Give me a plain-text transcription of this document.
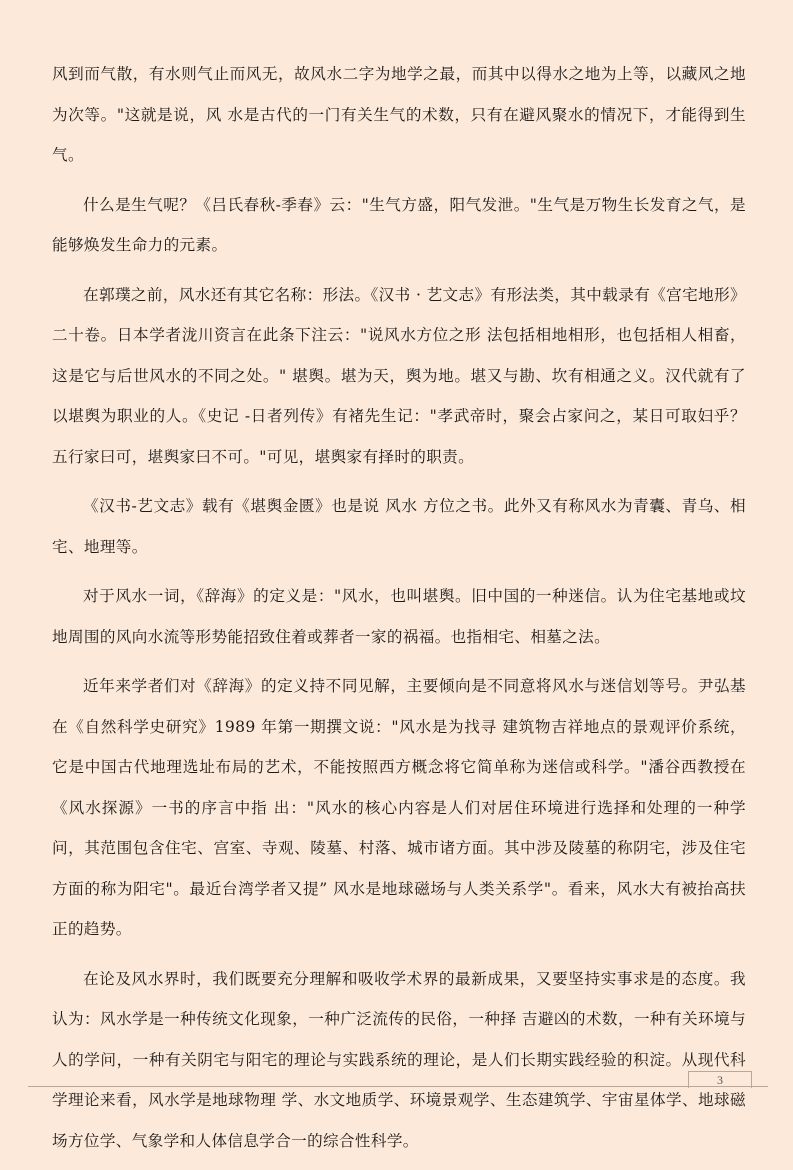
风到而气散，有水则气止而风无，故风水二字为地学之最，而其中以得水之地为上等，以藏风之地为次等。"这就是说，风 水是古代的一门有关生气的术数，只有在避风聚水的情况下，才能得到生气。

什么是生气呢？《吕氏春秋-季春》云："生气方盛，阳气发泄。"生气是万物生长发育之气，是能够焕发生命力的元素。

在郭璞之前，风水还有其它名称：形法。《汉书 · 艺文志》有形法类，其中载录有《宫宅地形》二十卷。日本学者泷川资言在此条下注云："说风水方位之形 法包括相地相形，也包括相人相畜，这是它与后世风水的不同之处。" 堪舆。堪为天，舆为地。堪又与勘、坎有相通之义。汉代就有了以堪舆为职业的人。《史记 -日者列传》有褚先生记："孝武帝时，聚会占家问之，某日可取妇乎？五行家曰可，堪舆家曰不可。"可见，堪舆家有择时的职责。

《汉书-艺文志》载有《堪舆金匮》也是说 风水 方位之书。此外又有称风水为青囊、青乌、相宅、地理等。

对于风水一词，《辞海》的定义是："风水，也叫堪舆。旧中国的一种迷信。认为住宅基地或坟地周围的风向水流等形势能招致住着或葬者一家的祸福。也指相宅、相墓之法。

近年来学者们对《辞海》的定义持不同见解，主要倾向是不同意将风水与迷信划等号。尹弘基在《自然科学史研究》1989 年第一期撰文说："风水是为找寻 建筑物吉祥地点的景观评价系统，它是中国古代地理选址布局的艺术，不能按照西方概念将它简单称为迷信或科学。"潘谷西教授在《风水探源》一书的序言中指 出："风水的核心内容是人们对居住环境进行选择和处理的一种学问，其范围包含住宅、宫室、寺观、陵墓、村落、城市诸方面。其中涉及陵墓的称阴宅，涉及住宅 方面的称为阳宅"。最近台湾学者又提” 风水是地球磁场与人类关系学"。看来，风水大有被抬高扶正的趋势。

在论及风水界时，我们既要充分理解和吸收学术界的最新成果，又要坚持实事求是的态度。我认为：风水学是一种传统文化现象，一种广泛流传的民俗，一种择 吉避凶的术数，一种有关环境与人的学问，一种有关阴宅与阳宅的理论与实践系统的理论，是人们长期实践经验的积淀。从现代科学理论来看，风水学是地球物理 学、水文地质学、环境景观学、生态建筑学、宇宙星体学、地球磁场方位学、气象学和人体信息学合一的综合性科学。

3
